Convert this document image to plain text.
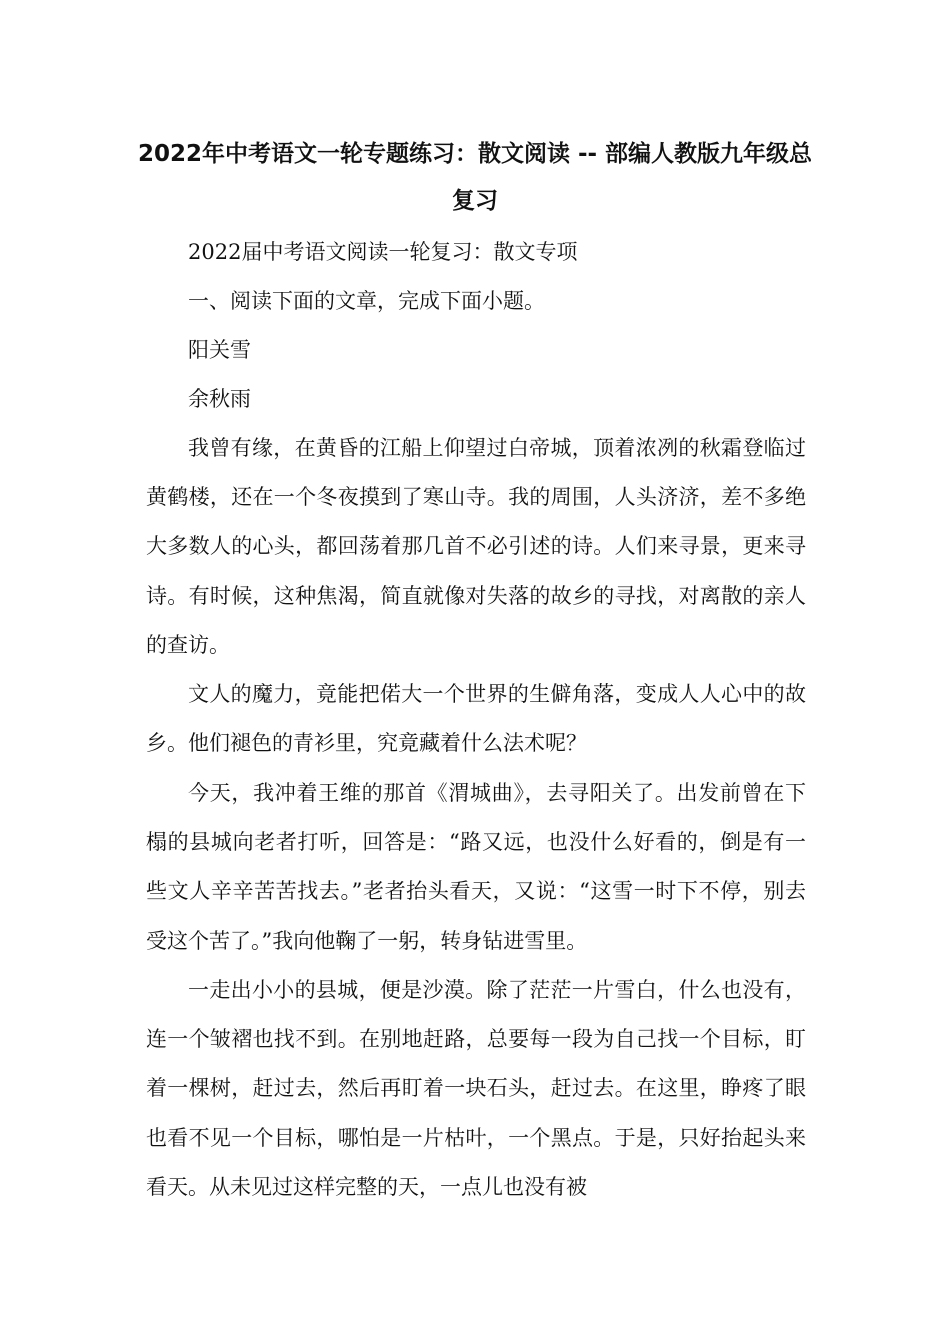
2022年中考语文一轮专题练习：散文阅读 -- 部编人教版九年级总
复习

2022届中考语文阅读一轮复习：散文专项

一、阅读下面的文章，完成下面小题。

阳关雪

余秋雨

我曾有缘，在黄昏的江船上仰望过白帝城，顶着浓冽的秋霜登临过黄鹤楼，还在一个冬夜摸到了寒山寺。我的周围，人头济济，差不多绝大多数人的心头，都回荡着那几首不必引述的诗。人们来寻景，更来寻诗。有时候，这种焦渴，简直就像对失落的故乡的寻找，对离散的亲人的查访。

文人的魔力，竟能把偌大一个世界的生僻角落，变成人人心中的故乡。他们褪色的青衫里，究竟藏着什么法术呢？

今天，我冲着王维的那首《渭城曲》，去寻阳关了。出发前曾在下榻的县城向老者打听，回答是：“路又远，也没什么好看的，倒是有一些文人辛辛苦苦找去。”老者抬头看天，又说：“这雪一时下不停，别去受这个苦了。”我向他鞠了一躬，转身钻进雪里。

一走出小小的县城，便是沙漠。除了茫茫一片雪白，什么也没有，连一个皱褶也找不到。在别地赶路，总要每一段为自己找一个目标，盯着一棵树，赶过去，然后再盯着一块石头，赶过去。在这里，睁疼了眼也看不见一个目标，哪怕是一片枯叶，一个黑点。于是，只好抬起头来看天。从未见过这样完整的天，一点儿也没有被
